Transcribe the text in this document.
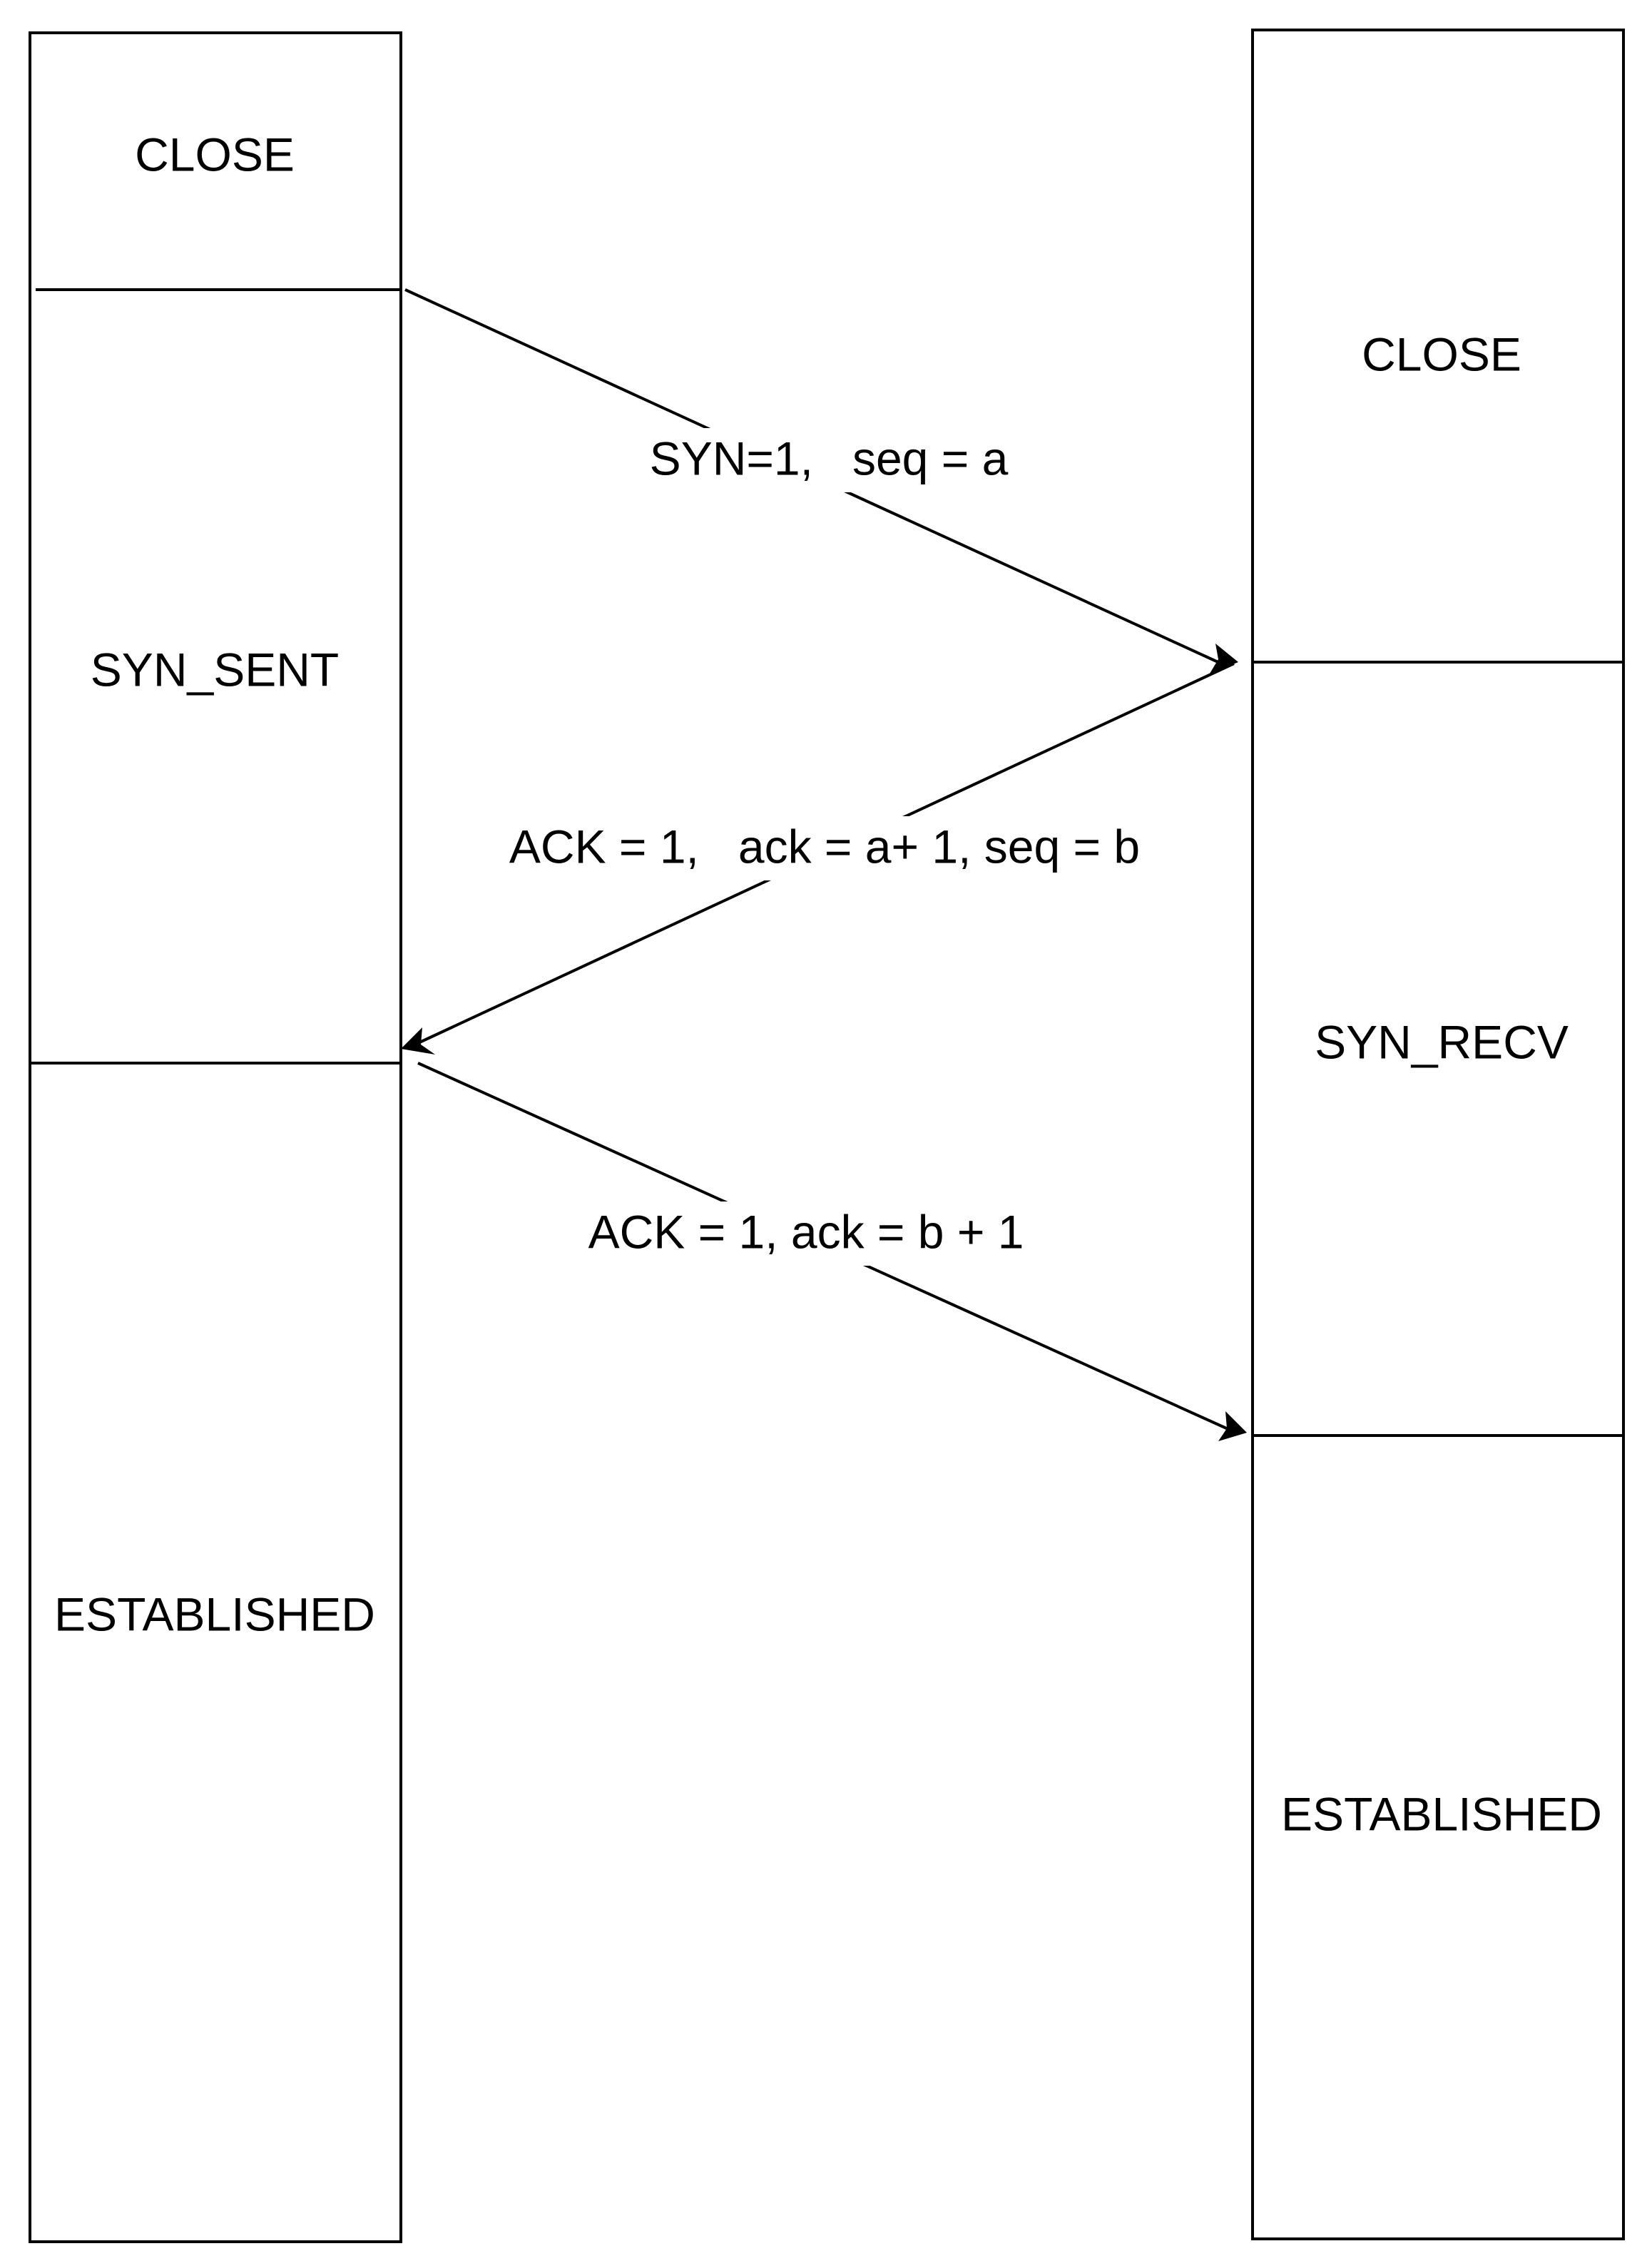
CLOSE
SYN_SENT
ESTABLISHED
CLOSE
SYN_RECV
ESTABLISHED
SYN=1,   seq = a
ACK = 1,   ack = a+ 1, seq = b
ACK = 1, ack = b + 1
